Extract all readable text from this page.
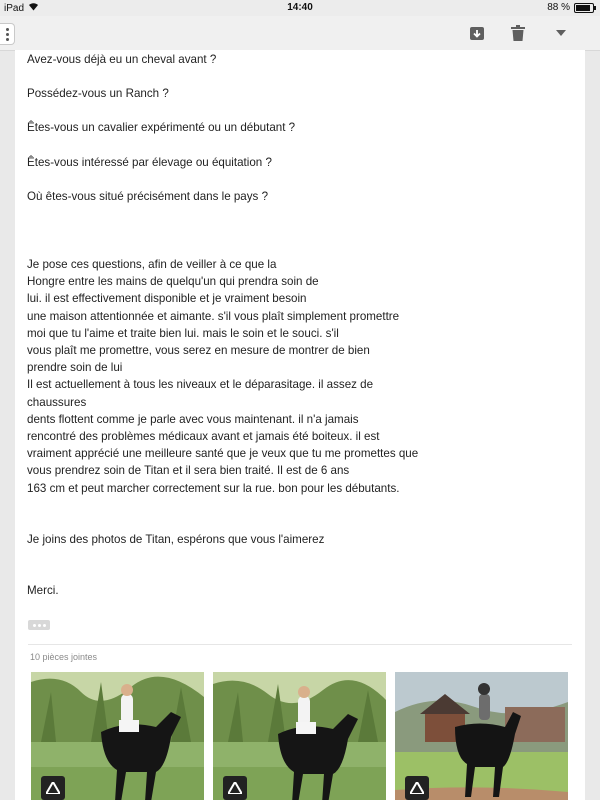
iPad	14:40	88 %

Avez-vous déjà eu un cheval avant ?

Possédez-vous un Ranch ?

Êtes-vous un cavalier expérimenté ou un débutant ?

Êtes-vous intéressé par élevage ou équitation ?

Où êtes-vous situé précisément dans le pays ?

Je pose ces questions, afin de veiller à ce que la
Hongre entre les mains de quelqu'un qui prendra soin de
lui. il est effectivement disponible et je vraiment besoin
une maison attentionnée et aimante. s'il vous plaît simplement promettre
moi que tu l'aime et traite bien lui. mais le soin et le souci. s'il
vous plaît me promettre, vous serez en mesure de montrer de bien
prendre soin de lui
Il est actuellement à tous les niveaux et le déparasitage. il assez de
chaussures
dents flottent comme je parle avec vous maintenant. il n'a jamais
rencontré des problèmes médicaux avant et jamais été boiteux. il est
vraiment apprécié une meilleure santé que je veux que tu me promettes que
vous prendrez soin de Titan et il sera bien traité. Il est de 6 ans
163 cm et peut marcher correctement sur la rue. bon pour les débutants.

Je joins des photos de Titan, espérons que vous l'aimerez

Merci.

10 pièces jointes
